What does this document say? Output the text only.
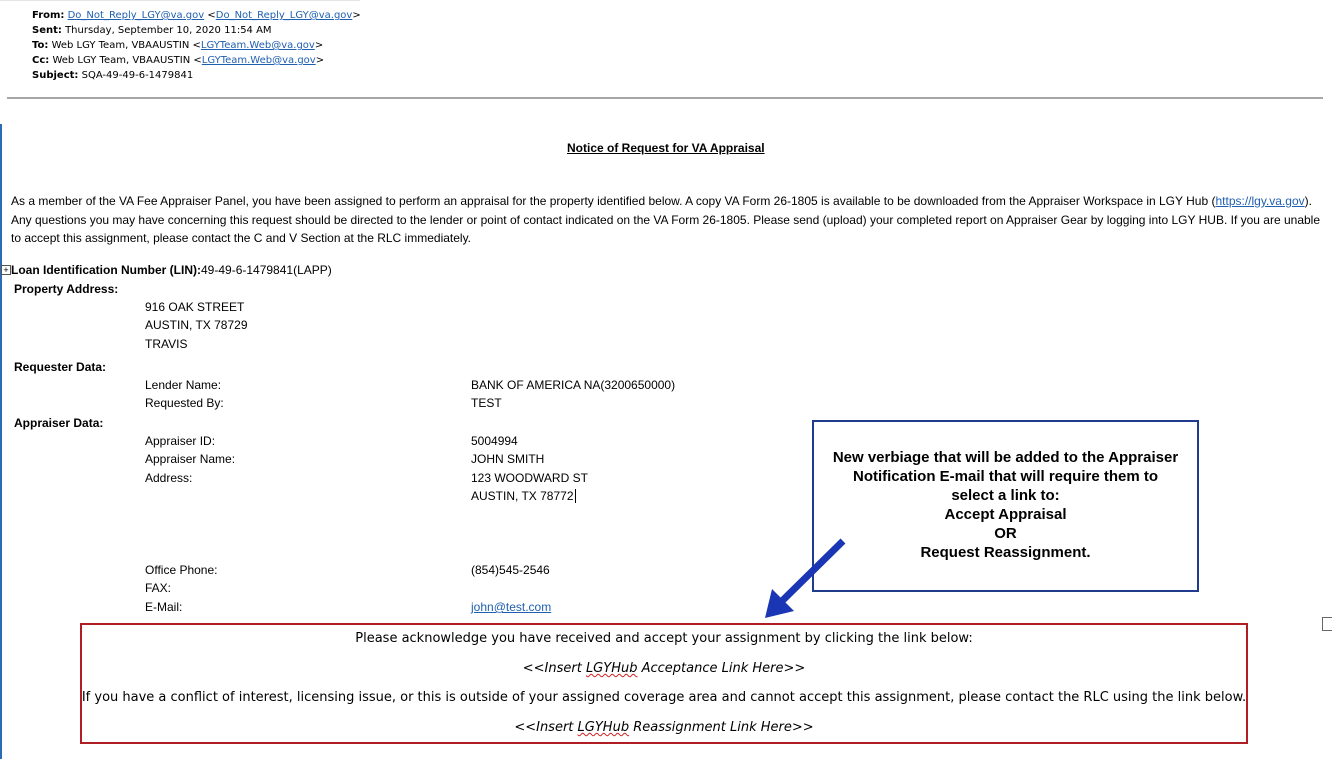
From: Do_Not_Reply_LGY@va.gov <Do_Not_Reply_LGY@va.gov>
Sent: Thursday, September 10, 2020 11:54 AM
To: Web LGY Team, VBAAUSTIN <LGYTeam.Web@va.gov>
Cc: Web LGY Team, VBAAUSTIN <LGYTeam.Web@va.gov>
Subject: SQA-49-49-6-1479841
Notice of Request for VA Appraisal
As a member of the VA Fee Appraiser Panel, you have been assigned to perform an appraisal for the property identified below. A copy VA Form 26-1805 is available to be downloaded from the Appraiser Workspace in LGY Hub (https://lgy.va.gov). Any questions you may have concerning this request should be directed to the lender or point of contact indicated on the VA Form 26-1805. Please send (upload) your completed report on Appraiser Gear by logging into LGY HUB. If you are unable to accept this assignment, please contact the C and V Section at the RLC immediately.
+ Loan Identification Number (LIN):49-49-6-1479841(LAPP)
Property Address:
916 OAK STREET
AUSTIN, TX 78729
TRAVIS
Requester Data:
Lender Name:	BANK OF AMERICA NA(3200650000)
Requested By:	TEST
Appraiser Data:
Appraiser ID:	5004994
Appraiser Name:	JOHN SMITH
Address:	123 WOODWARD ST
AUSTIN, TX 78772
Office Phone:	(854)545-2546
FAX:
E-Mail:	john@test.com
New verbiage that will be added to the Appraiser
Notification E-mail that will require them to
select a link to:
Accept Appraisal
OR
Request Reassignment.
Please acknowledge you have received and accept your assignment by clicking the link below:
<<Insert LGYHub Acceptance Link Here>>
If you have a conflict of interest, licensing issue, or this is outside of your assigned coverage area and cannot accept this assignment, please contact the RLC using the link below.
<<Insert LGYHub Reassignment Link Here>>
